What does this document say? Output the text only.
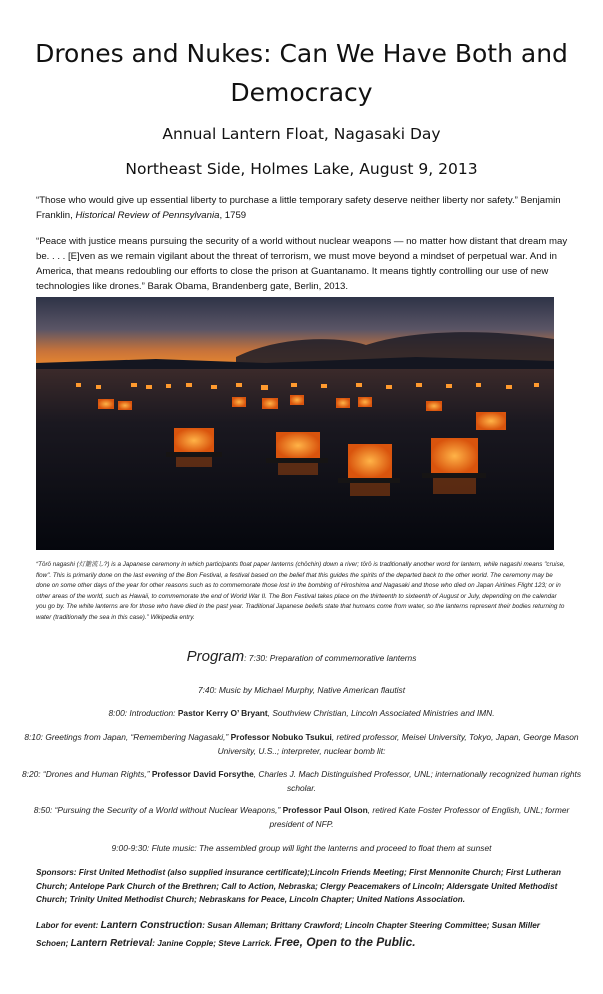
Drones and Nukes: Can We Have Both and Democracy

Annual Lantern Float, Nagasaki Day

Northeast Side, Holmes Lake, August 9, 2013

“Those who would give up essential liberty to purchase a little temporary safety deserve neither liberty nor safety.” Benjamin Franklin, Historical Review of Pennsylvania, 1759

“Peace with justice means pursuing the security of a world without nuclear weapons — no matter how distant that dream may be. . . . [E]ven as we remain vigilant about the threat of terrorism, we must move beyond a mindset of perpetual war. And in America, that means redoubling our efforts to close the prison at Guantanamo. It means tightly controlling our use of new technologies like drones.” Barak Obama, Brandenberg gate, Berlin, 2013.

“Tōrō nagashi (灯籠流し?) is a Japanese ceremony in which participants float paper lanterns (chōchin) down a river; tōrō is traditionally another word for lantern, while nagashi means "cruise, flow". This is primarily done on the last evening of the Bon Festival, a festival based on the belief that this guides the spirits of the departed back to the other world. The ceremony may be done on some other days of the year for other reasons such as to commemorate those lost in the bombing of Hiroshima and Nagasaki and those who died on Japan Airlines Flight 123; or in other areas of the world, such as Hawaii, to commemorate the end of World War II. The Bon Festival takes place on the thirteenth to sixteenth of August or July, depending on the calendar you go by. The white lanterns are for those who have died in the past year. Traditional Japanese beliefs state that humans come from water, so the lanterns represent their bodies returning to water (traditionally the sea in this case).” Wikipedia entry.

Program: 7:30: Preparation of commemorative lanterns

7:40: Music by Michael Murphy, Native American flautist

8:00: Introduction: Pastor Kerry O’ Bryant, Southview Christian, Lincoln Associated Ministries and IMN.

8:10: Greetings from Japan, “Remembering Nagasaki,” Professor Nobuko Tsukui, retired professor, Meisei University, Tokyo, Japan, George Mason University, U.S..; interpreter, nuclear bomb lit:

8:20: “Drones and Human Rights,” Professor David Forsythe, Charles J. Mach Distinguished Professor, UNL; internationally recognized human rights scholar.

8:50: “Pursuing the Security of a World without Nuclear Weapons,” Professor Paul Olson, retired Kate Foster Professor of English, UNL; former president of NFP.

9:00-9:30: Flute music: The assembled group will light the lanterns and proceed to float them at sunset

Sponsors: First United Methodist (also supplied insurance certificate);Lincoln Friends Meeting; First Mennonite Church; First Lutheran Church; Antelope Park Church of the Brethren; Call to Action, Nebraska; Clergy Peacemakers of Lincoln; Aldersgate United Methodist Church; Trinity United Methodist Church; Nebraskans for Peace, Lincoln Chapter; United Nations Association.

Labor for event: Lantern Construction: Susan Alleman; Brittany Crawford; Lincoln Chapter Steering Committee; Susan Miller Schoen; Lantern Retrieval: Janine Copple; Steve Larrick. Free, Open to the Public.
